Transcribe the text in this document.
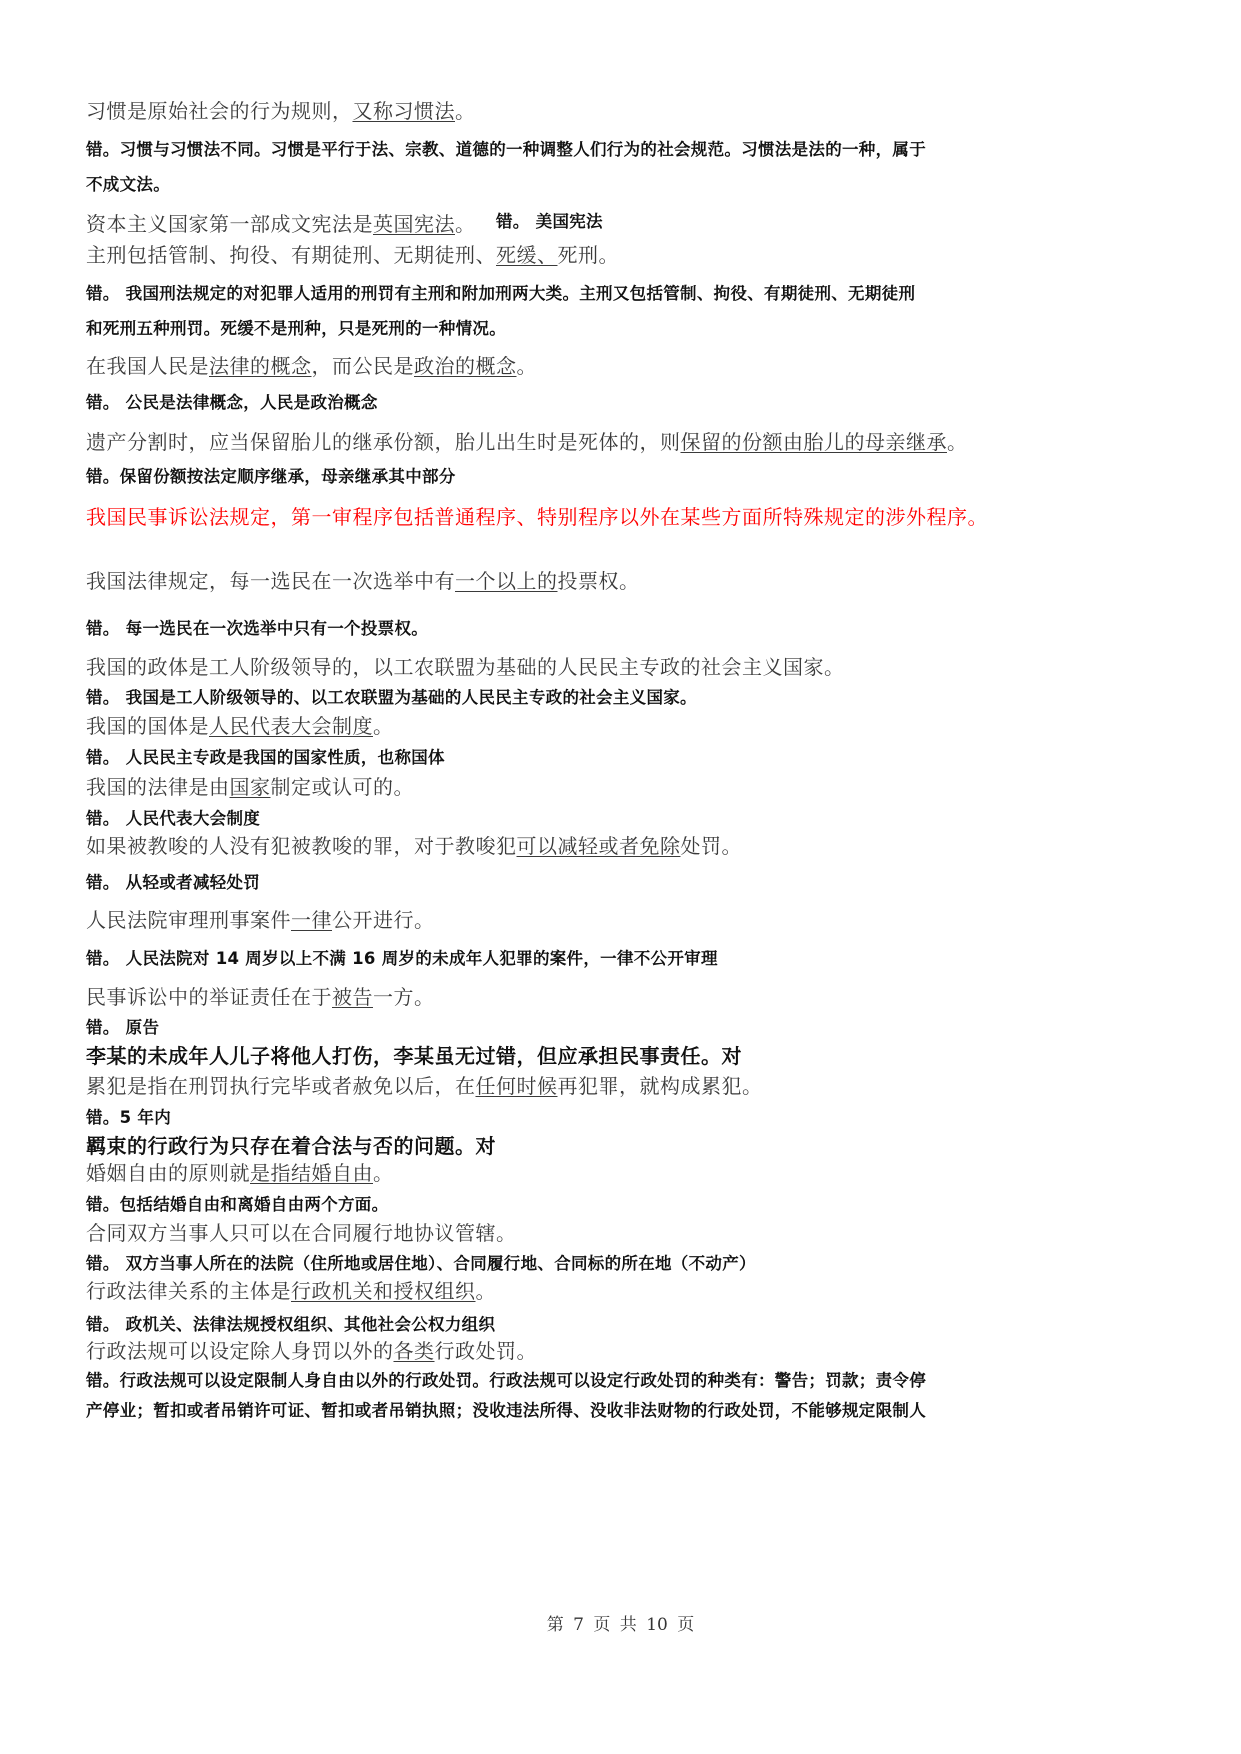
习惯是原始社会的行为规则，又称习惯法。
错。习惯与习惯法不同。习惯是平行于法、宗教、道德的一种调整人们行为的社会规范。习惯法是法的一种，属于
不成文法。
资本主义国家第一部成文宪法是英国宪法。 错。 美国宪法
主刑包括管制、拘役、有期徒刑、无期徒刑、死缓、死刑。
错。 我国刑法规定的对犯罪人适用的刑罚有主刑和附加刑两大类。主刑又包括管制、拘役、有期徒刑、无期徒刑
和死刑五种刑罚。死缓不是刑种，只是死刑的一种情况。
在我国人民是法律的概念，而公民是政治的概念。
错。 公民是法律概念，人民是政治概念
遗产分割时，应当保留胎儿的继承份额，胎儿出生时是死体的，则保留的份额由胎儿的母亲继承。
错。保留份额按法定顺序继承，母亲继承其中部分
我国民事诉讼法规定，第一审程序包括普通程序、特别程序以外在某些方面所特殊规定的涉外程序。
我国法律规定，每一选民在一次选举中有一个以上的投票权。
错。 每一选民在一次选举中只有一个投票权。
我国的政体是工人阶级领导的，以工农联盟为基础的人民民主专政的社会主义国家。
错。 我国是工人阶级领导的、以工农联盟为基础的人民民主专政的社会主义国家。
我国的国体是人民代表大会制度。
错。 人民民主专政是我国的国家性质，也称国体
我国的法律是由国家制定或认可的。
错。 人民代表大会制度
如果被教唆的人没有犯被教唆的罪，对于教唆犯可以减轻或者免除处罚。
错。 从轻或者减轻处罚
人民法院审理刑事案件一律公开进行。
错。 人民法院对 14 周岁以上不满 16 周岁的未成年人犯罪的案件，一律不公开审理
民事诉讼中的举证责任在于被告一方。
错。 原告
李某的未成年人儿子将他人打伤，李某虽无过错，但应承担民事责任。对
累犯是指在刑罚执行完毕或者赦免以后，在任何时候再犯罪，就构成累犯。
错。5 年内
羁束的行政行为只存在着合法与否的问题。对
婚姻自由的原则就是指结婚自由。
错。包括结婚自由和离婚自由两个方面。
合同双方当事人只可以在合同履行地协议管辖。
错。 双方当事人所在的法院（住所地或居住地）、合同履行地、合同标的所在地（不动产）
行政法律关系的主体是行政机关和授权组织。
错。 政机关、法律法规授权组织、其他社会公权力组织
行政法规可以设定除人身罚以外的各类行政处罚。
错。行政法规可以设定限制人身自由以外的行政处罚。行政法规可以设定行政处罚的种类有：警告；罚款；责令停
产停业；暂扣或者吊销许可证、暂扣或者吊销执照；没收违法所得、没收非法财物的行政处罚，不能够规定限制人
第 7 页 共 10 页
